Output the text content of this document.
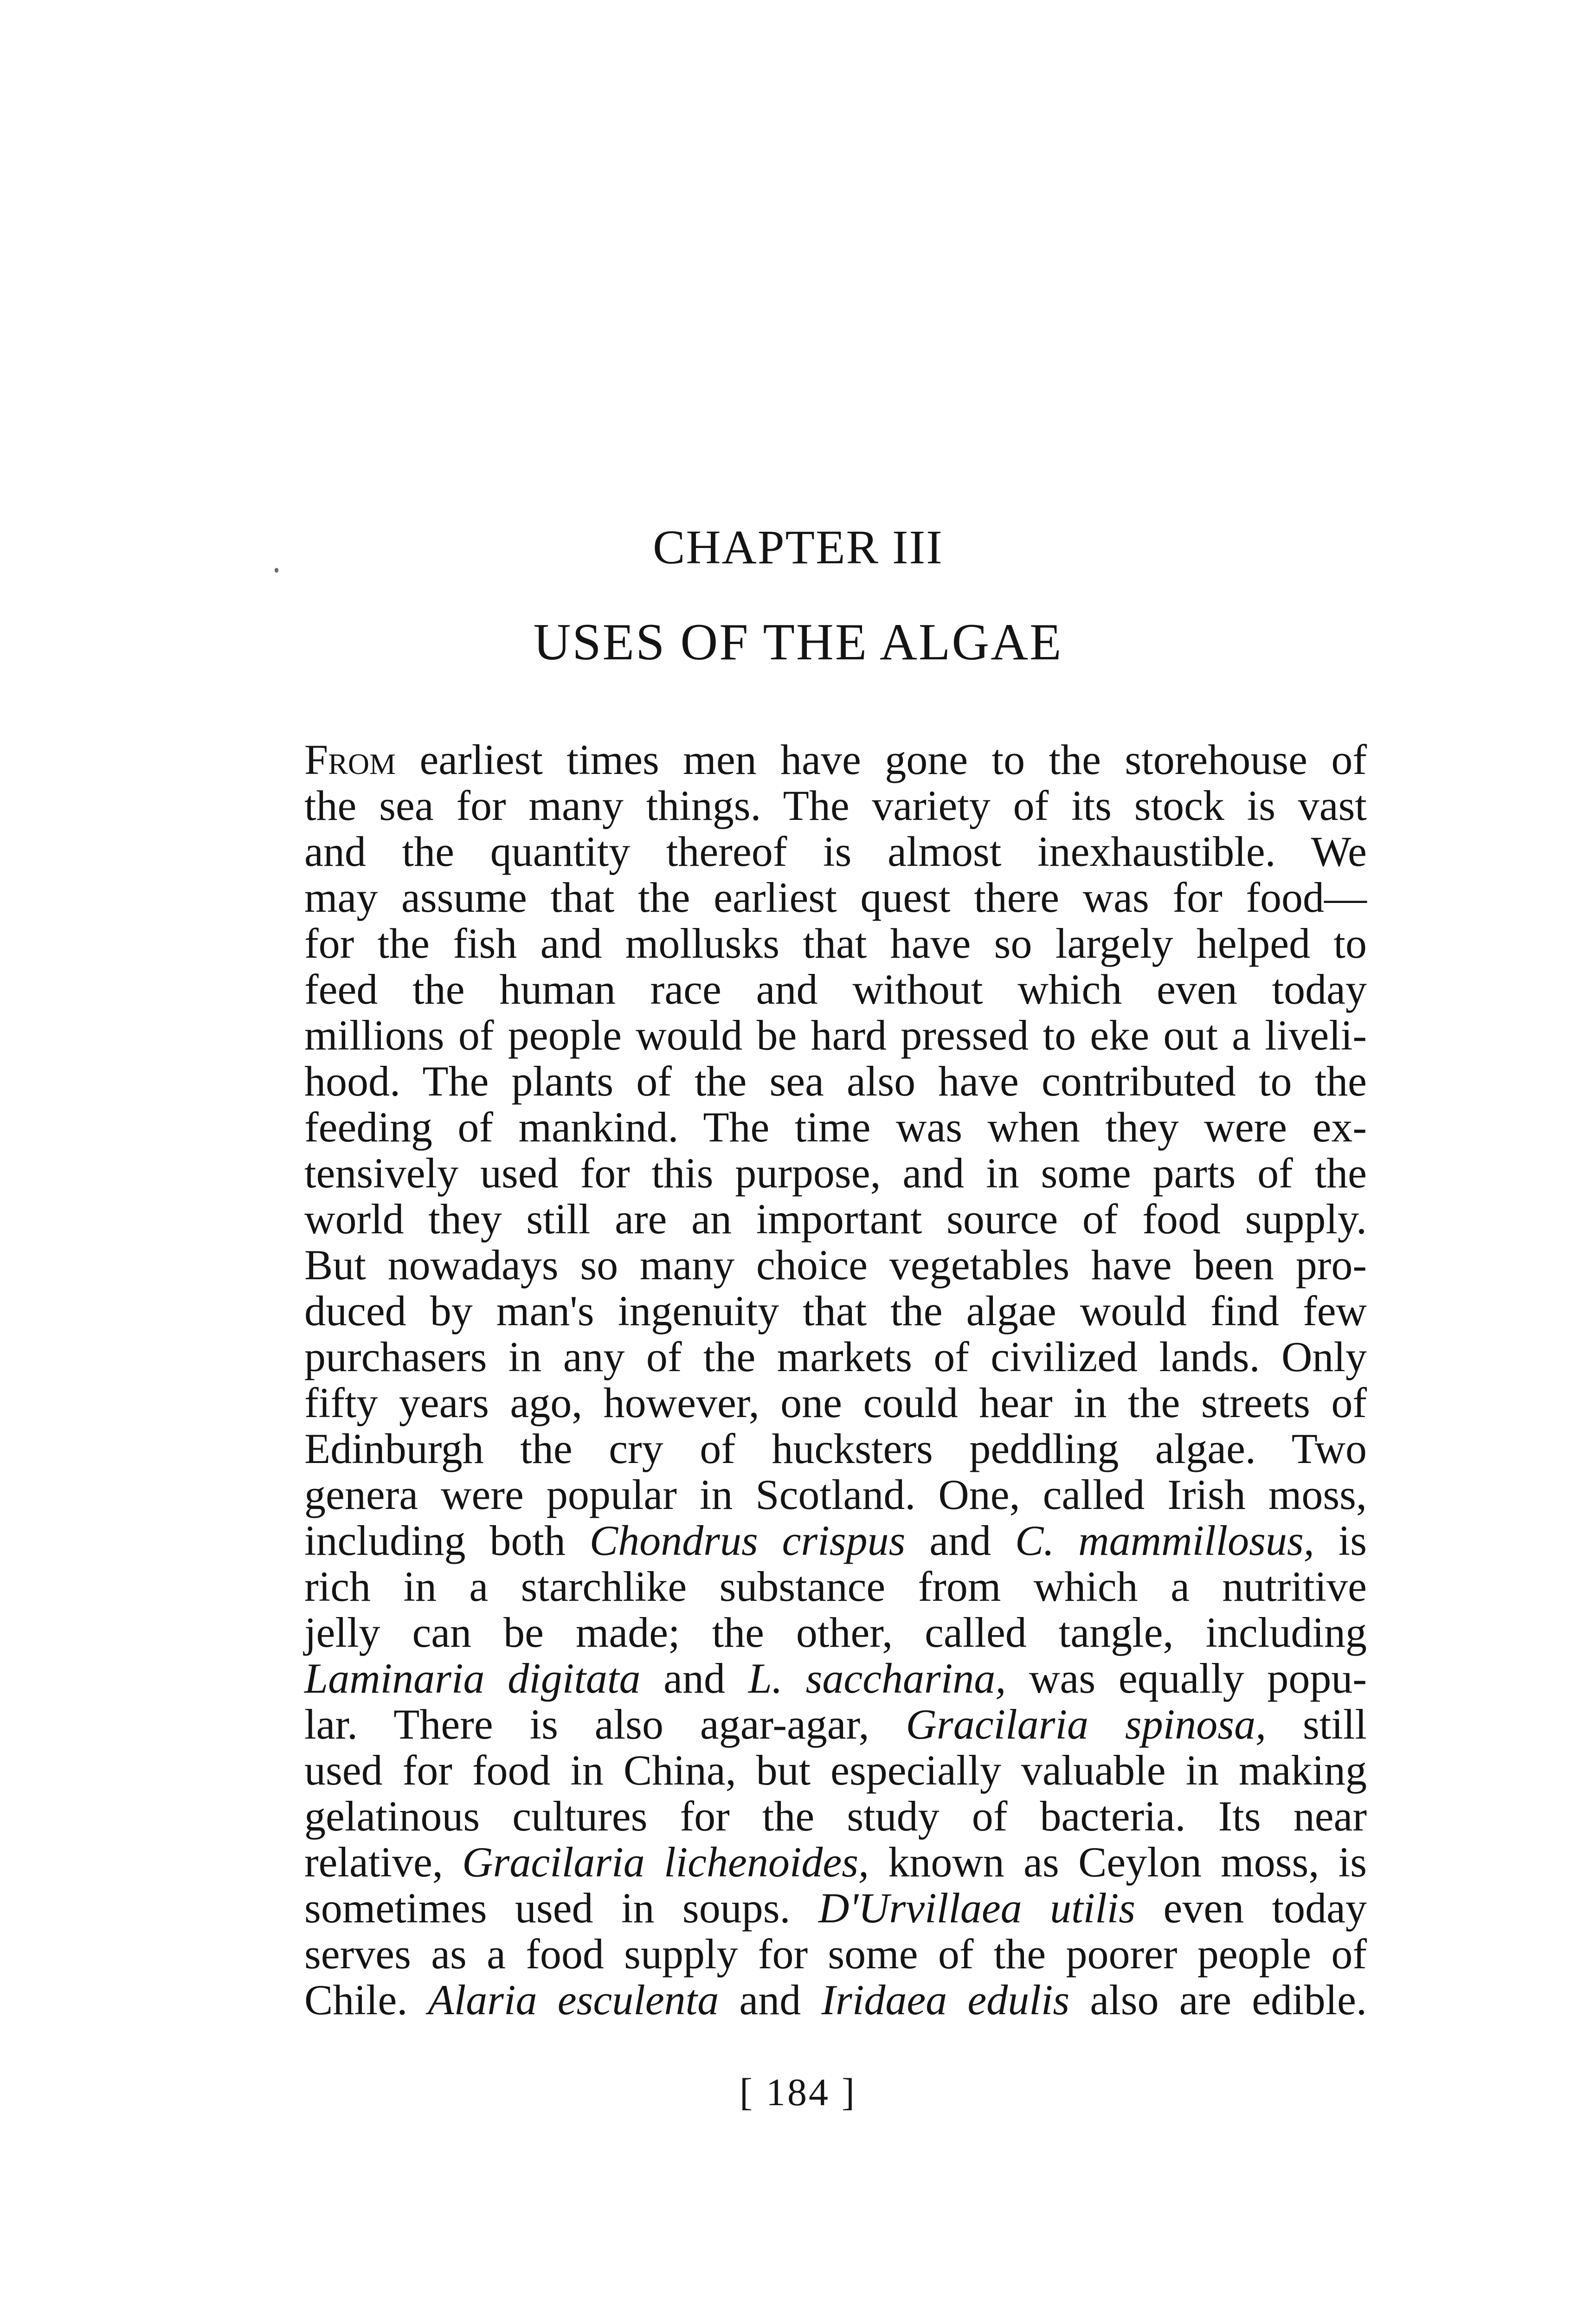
CHAPTER III
USES OF THE ALGAE
From earliest times men have gone to the storehouse of
the sea for many things. The variety of its stock is vast
and the quantity thereof is almost inexhaustible. We
may assume that the earliest quest there was for food—
for the fish and mollusks that have so largely helped to
feed the human race and without which even today
millions of people would be hard pressed to eke out a liveli-
hood. The plants of the sea also have contributed to the
feeding of mankind. The time was when they were ex-
tensively used for this purpose, and in some parts of the
world they still are an important source of food supply.
But nowadays so many choice vegetables have been pro-
duced by man's ingenuity that the algae would find few
purchasers in any of the markets of civilized lands. Only
fifty years ago, however, one could hear in the streets of
Edinburgh the cry of hucksters peddling algae. Two
genera were popular in Scotland. One, called Irish moss,
including both Chondrus crispus and C. mammillosus, is
rich in a starchlike substance from which a nutritive
jelly can be made; the other, called tangle, including
Laminaria digitata and L. saccharina, was equally popu-
lar. There is also agar-agar, Gracilaria spinosa, still
used for food in China, but especially valuable in making
gelatinous cultures for the study of bacteria. Its near
relative, Gracilaria lichenoides, known as Ceylon moss, is
sometimes used in soups. D'Urvillaea utilis even today
serves as a food supply for some of the poorer people of
Chile. Alaria esculenta and Iridaea edulis also are edible.
[ 184 ]
